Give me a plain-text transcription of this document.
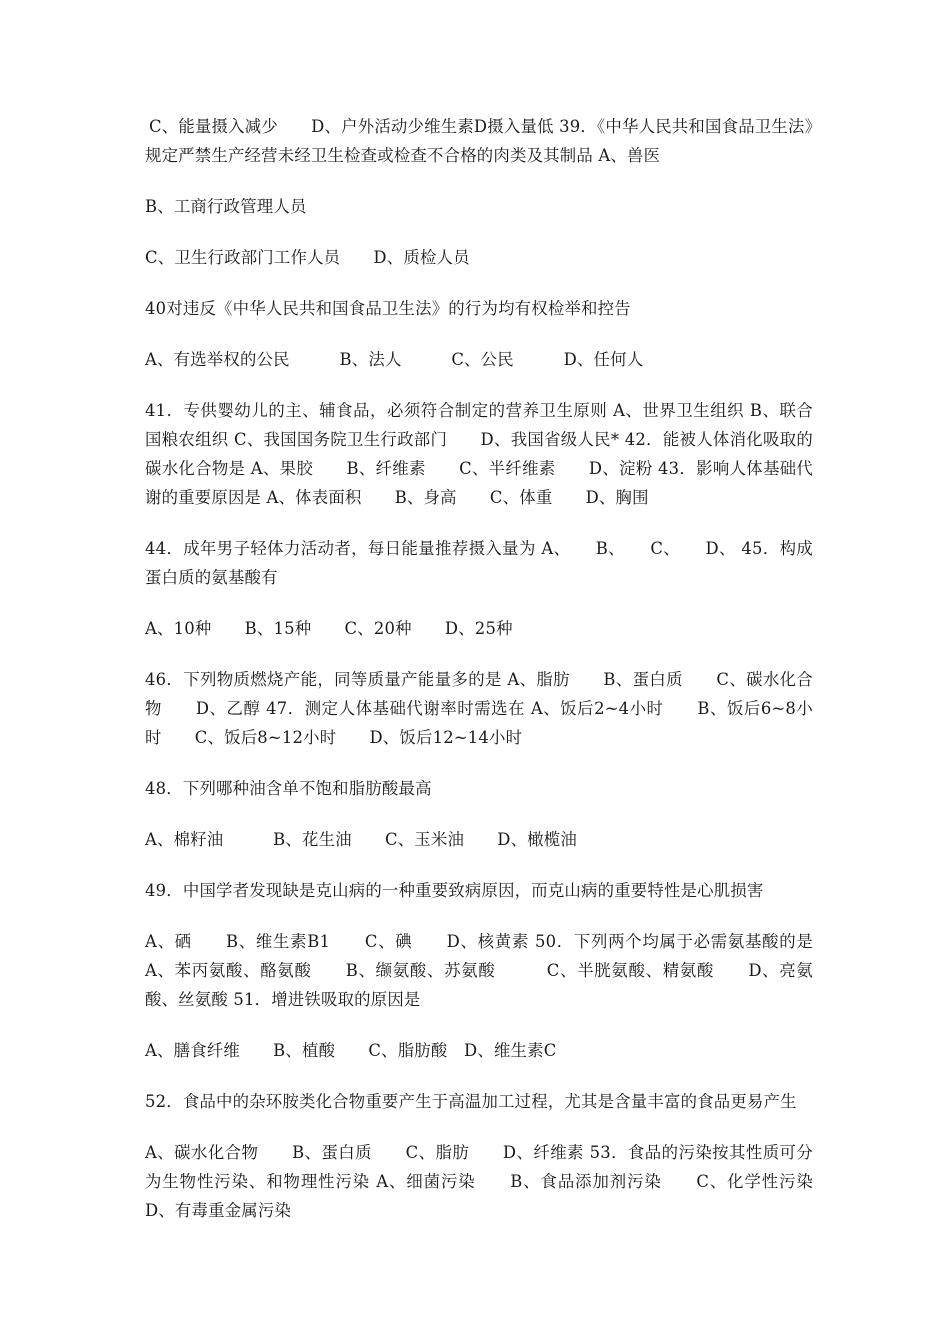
C、能量摄入减少　　D、户外活动少维生素D摄入量低 39．《中华人民共和国食品卫生法》规定严禁生产经营未经卫生检查或检查不合格的肉类及其制品 A、兽医

B、工商行政管理人员

C、卫生行政部门工作人员　　D、质检人员

40对违反《中华人民共和国食品卫生法》的行为均有权检举和控告

A、有选举权的公民　　　B、法人　　　C、公民　　　D、任何人

41．专供婴幼儿的主、辅食品，必须符合制定的营养卫生原则 A、世界卫生组织 B、联合国粮农组织 C、我国国务院卫生行政部门　　D、我国省级人民* 42．能被人体消化吸取的碳水化合物是 A、果胶　　B、纤维素　　C、半纤维素　　D、淀粉 43．影响人体基础代谢的重要原因是 A、体表面积　　B、身高　　C、体重　　D、胸围

44．成年男子轻体力活动者，每日能量推荐摄入量为 A、　　B、　　C、　　D、 45．构成蛋白质的氨基酸有

A、10种　　B、15种　　C、20种　　D、25种

46．下列物质燃烧产能，同等质量产能量多的是 A、脂肪　　B、蛋白质　　C、碳水化合物　　D、乙醇 47．测定人体基础代谢率时需选在 A、饭后2~4小时　　B、饭后6~8小时　　C、饭后8~12小时　　D、饭后12~14小时

48．下列哪种油含单不饱和脂肪酸最高

A、棉籽油　　　B、花生油　　C、玉米油　　D、橄榄油

49．中国学者发现缺是克山病的一种重要致病原因，而克山病的重要特性是心肌损害

A、硒　　B、维生素B1　　C、碘　　D、核黄素 50．下列两个均属于必需氨基酸的是 A、苯丙氨酸、酪氨酸　　B、缬氨酸、苏氨酸　　　C、半胱氨酸、精氨酸　　D、亮氨酸、丝氨酸 51．增进铁吸取的原因是

A、膳食纤维　　B、植酸　　C、脂肪酸　D、维生素C

52．食品中的杂环胺类化合物重要产生于高温加工过程，尤其是含量丰富的食品更易产生

A、碳水化合物　　B、蛋白质　　C、脂肪　　D、纤维素 53．食品的污染按其性质可分为生物性污染、和物理性污染 A、细菌污染　　B、食品添加剂污染　　C、化学性污染 D、有毒重金属污染
